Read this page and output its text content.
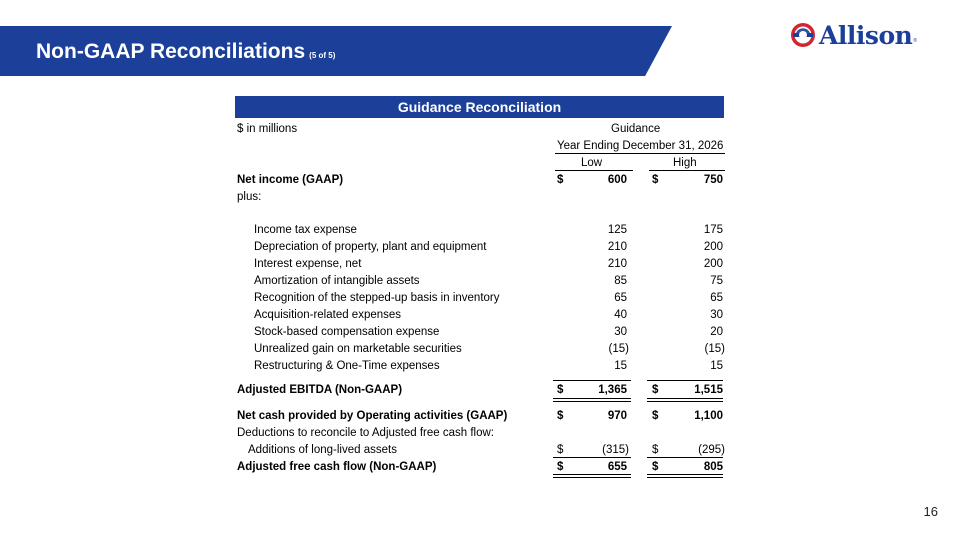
Non-GAAP Reconciliations (5 of 5)
Allison ®
Guidance Reconciliation
$ in millions	Guidance
Year Ending December 31, 2026
Low	High
Net income (GAAP)	$	600 $	750
plus:
Income tax expense	125	175
Depreciation of property, plant and equipment	210	200
Interest expense, net	210	200
Amortization of intangible assets	85	75
Recognition of the stepped-up basis in inventory	65	65
Acquisition-related expenses	40	30
Stock-based compensation expense	30	20
Unrealized gain on marketable securities	(15)	(15)
Restructuring & One-Time expenses	15	15
Adjusted EBITDA (Non-GAAP)	$	1,365 $	1,515
Net cash provided by Operating activities (GAAP)	$	970 $	1,100
Deductions to reconcile to Adjusted free cash flow:
Additions of long-lived assets	$	(315) $	(295)
Adjusted free cash flow (Non-GAAP)	$	655 $	805
16
